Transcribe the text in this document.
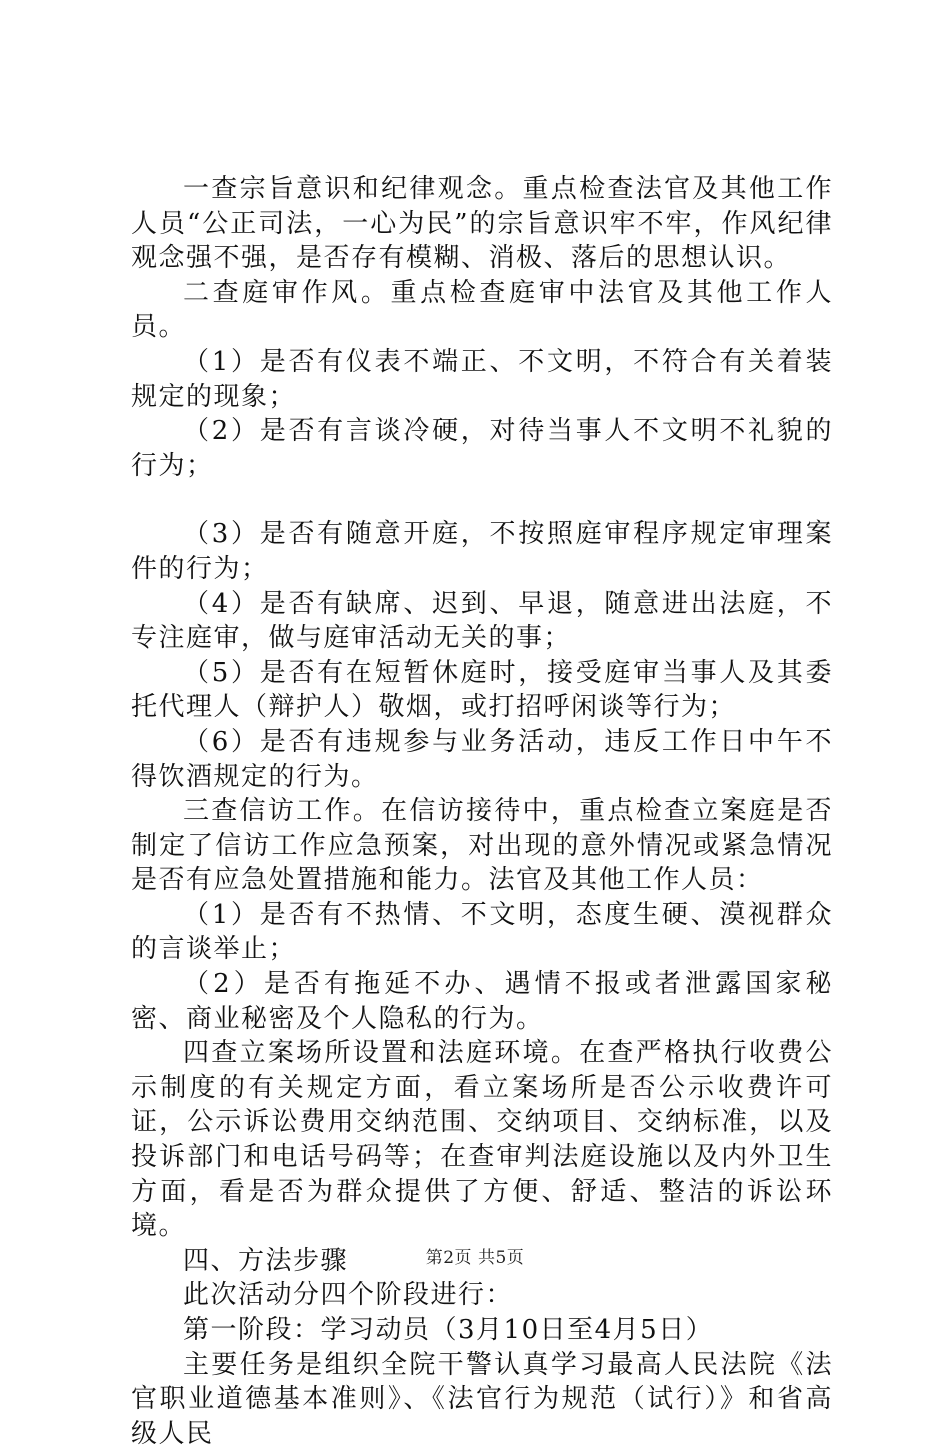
一查宗旨意识和纪律观念。重点检查法官及其他工作人员“公正司法，一心为民”的宗旨意识牢不牢，作风纪律观念强不强，是否存有模糊、消极、落后的思想认识。

二查庭审作风。重点检查庭审中法官及其他工作人员。

（1）是否有仪表不端正、不文明，不符合有关着装规定的现象；

（2）是否有言谈冷硬，对待当事人不文明不礼貌的行为；

（3）是否有随意开庭，不按照庭审程序规定审理案件的行为；

（4）是否有缺席、迟到、早退，随意进出法庭，不专注庭审，做与庭审活动无关的事；

（5）是否有在短暂休庭时，接受庭审当事人及其委托代理人（辩护人）敬烟，或打招呼闲谈等行为；

（6）是否有违规参与业务活动，违反工作日中午不得饮酒规定的行为。

三查信访工作。在信访接待中，重点检查立案庭是否制定了信访工作应急预案，对出现的意外情况或紧急情况是否有应急处置措施和能力。法官及其他工作人员：

（1）是否有不热情、不文明，态度生硬、漠视群众的言谈举止；

（2）是否有拖延不办、遇情不报或者泄露国家秘密、商业秘密及个人隐私的行为。

四查立案场所设置和法庭环境。在查严格执行收费公示制度的有关规定方面，看立案场所是否公示收费许可证，公示诉讼费用交纳范围、交纳项目、交纳标准，以及投诉部门和电话号码等；在查审判法庭设施以及内外卫生方面，看是否为群众提供了方便、舒适、整洁的诉讼环境。

四、方法步骤

此次活动分四个阶段进行：

第一阶段：学习动员（3月10日至4月5日）

主要任务是组织全院干警认真学习最高人民法院《法官职业道德基本准则》、《法官行为规范（试行）》和省高级人民

第2页 共5页
